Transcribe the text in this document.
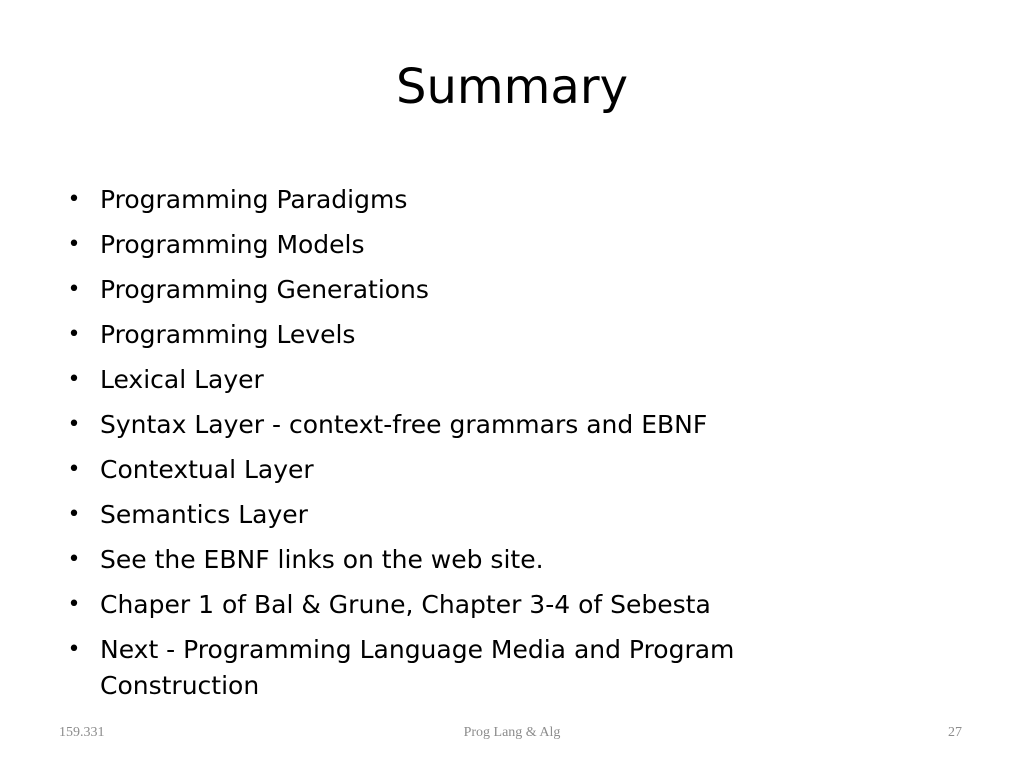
Summary
• Programming Paradigms
• Programming Models
• Programming Generations
• Programming Levels
• Lexical Layer
• Syntax Layer - context-free grammars and EBNF
• Contextual Layer
• Semantics Layer
• See the EBNF links on the web site.
• Chaper 1 of Bal & Grune, Chapter 3-4 of Sebesta
• Next - Programming Language Media and Program Construction
159.331	Prog Lang & Alg	27
